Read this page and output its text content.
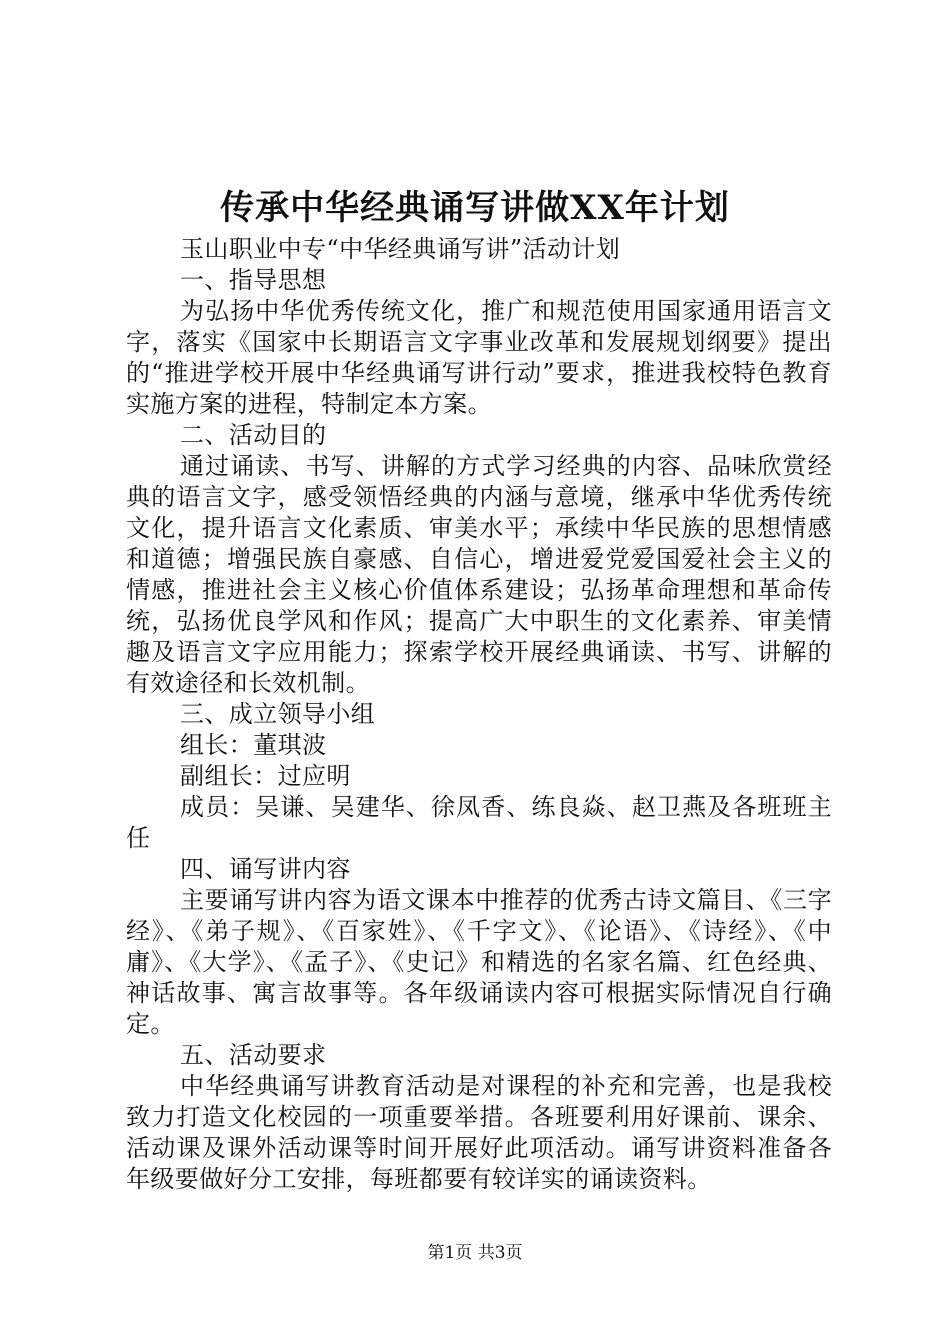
传承中华经典诵写讲做XX年计划

玉山职业中专“中华经典诵写讲”活动计划

一、指导思想

为弘扬中华优秀传统文化，推广和规范使用国家通用语言文字，落实《国家中长期语言文字事业改革和发展规划纲要》提出的“推进学校开展中华经典诵写讲行动”要求，推进我校特色教育实施方案的进程，特制定本方案。

二、活动目的

通过诵读、书写、讲解的方式学习经典的内容、品味欣赏经典的语言文字，感受领悟经典的内涵与意境，继承中华优秀传统文化，提升语言文化素质、审美水平；承续中华民族的思想情感和道德；增强民族自豪感、自信心，增进爱党爱国爱社会主义的情感，推进社会主义核心价值体系建设；弘扬革命理想和革命传统，弘扬优良学风和作风；提高广大中职生的文化素养、审美情趣及语言文字应用能力；探索学校开展经典诵读、书写、讲解的有效途径和长效机制。

三、成立领导小组

组长：董琪波

副组长：过应明

成员：吴谦、吴建华、徐凤香、练良焱、赵卫燕及各班班主任

四、诵写讲内容

主要诵写讲内容为语文课本中推荐的优秀古诗文篇目、《三字经》、《弟子规》、《百家姓》、《千字文》、《论语》、《诗经》、《中庸》、《大学》、《孟子》、《史记》和精选的名家名篇、红色经典、神话故事、寓言故事等。各年级诵读内容可根据实际情况自行确定。

五、活动要求

中华经典诵写讲教育活动是对课程的补充和完善，也是我校致力打造文化校园的一项重要举措。各班要利用好课前、课余、活动课及课外活动课等时间开展好此项活动。诵写讲资料准备各年级要做好分工安排，每班都要有较详实的诵读资料。

第1页 共3页
